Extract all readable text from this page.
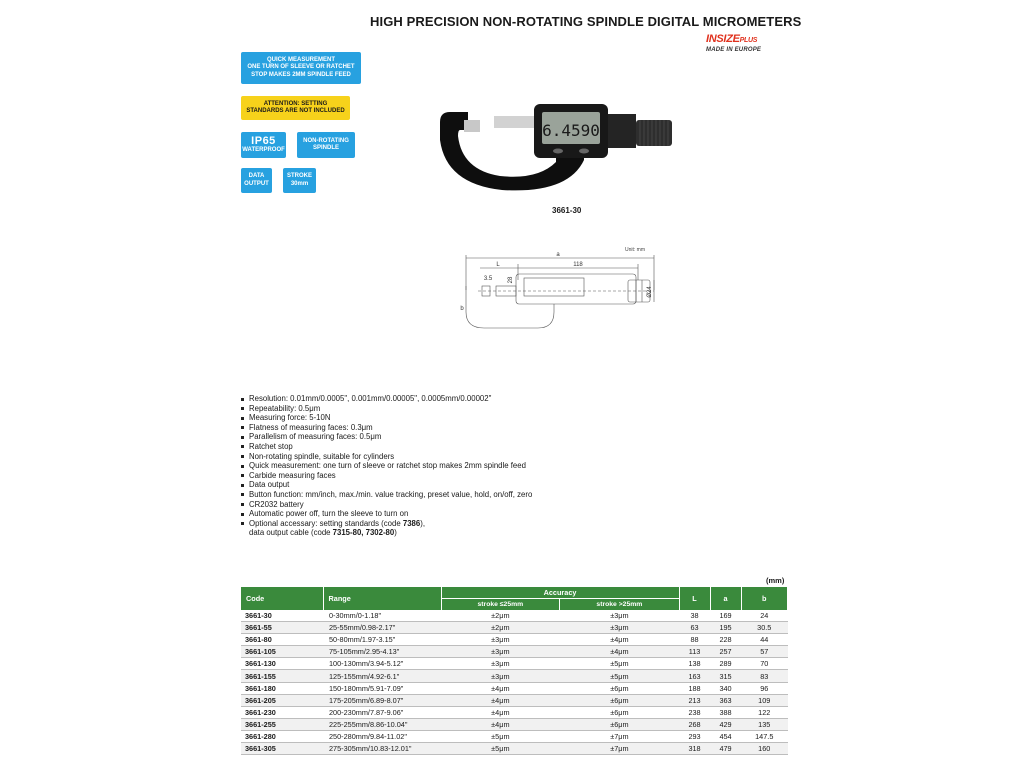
HIGH PRECISION NON-ROTATING SPINDLE DIGITAL MICROMETERS
INSIZEPLUS
MADE IN EUROPE
QUICK MEASUREMENT
ONE TURN OF SLEEVE OR RATCHET
STOP MAKES 2MM SPINDLE FEED
ATTENTION: SETTING
STANDARDS ARE NOT INCLUDED
IP65
WATERPROOF
NON-ROTATING
SPINDLE
DATA
OUTPUT
STROKE
30mm
6.4590
3661-30
Unit: mm
a
L	118
3.5	28
Ø24
b
Resolution: 0.01mm/0.0005", 0.001mm/0.00005", 0.0005mm/0.00002"
Repeatability: 0.5μm
Measuring force: 5-10N
Flatness of measuring faces: 0.3μm
Parallelism of measuring faces: 0.5μm
Ratchet stop
Non-rotating spindle, suitable for cylinders
Quick measurement: one turn of sleeve or ratchet stop makes 2mm spindle feed
Carbide measuring faces
Data output
Button function: mm/inch, max./min. value tracking, preset value, hold, on/off, zero
CR2032 battery
Automatic power off, turn the sleeve to turn on
Optional accessary: setting standards (code 7386),
data output cable (code 7315-80, 7302-80)
(mm)
Code	Range	Accuracy		L	a	b
		stroke ≤25mm	stroke >25mm			
3661-30	0-30mm/0-1.18"	±2μm	±3μm	38	169	24
3661-55	25-55mm/0.98-2.17"	±2μm	±3μm	63	195	30.5
3661-80	50-80mm/1.97-3.15"	±3μm	±4μm	88	228	44
3661-105	75-105mm/2.95-4.13"	±3μm	±4μm	113	257	57
3661-130	100-130mm/3.94-5.12"	±3μm	±5μm	138	289	70
3661-155	125-155mm/4.92-6.1"	±3μm	±5μm	163	315	83
3661-180	150-180mm/5.91-7.09"	±4μm	±6μm	188	340	96
3661-205	175-205mm/6.89-8.07"	±4μm	±6μm	213	363	109
3661-230	200-230mm/7.87-9.06"	±4μm	±6μm	238	388	122
3661-255	225-255mm/8.86-10.04"	±4μm	±6μm	268	429	135
3661-280	250-280mm/9.84-11.02"	±5μm	±7μm	293	454	147.5
3661-305	275-305mm/10.83-12.01"	±5μm	±7μm	318	479	160
